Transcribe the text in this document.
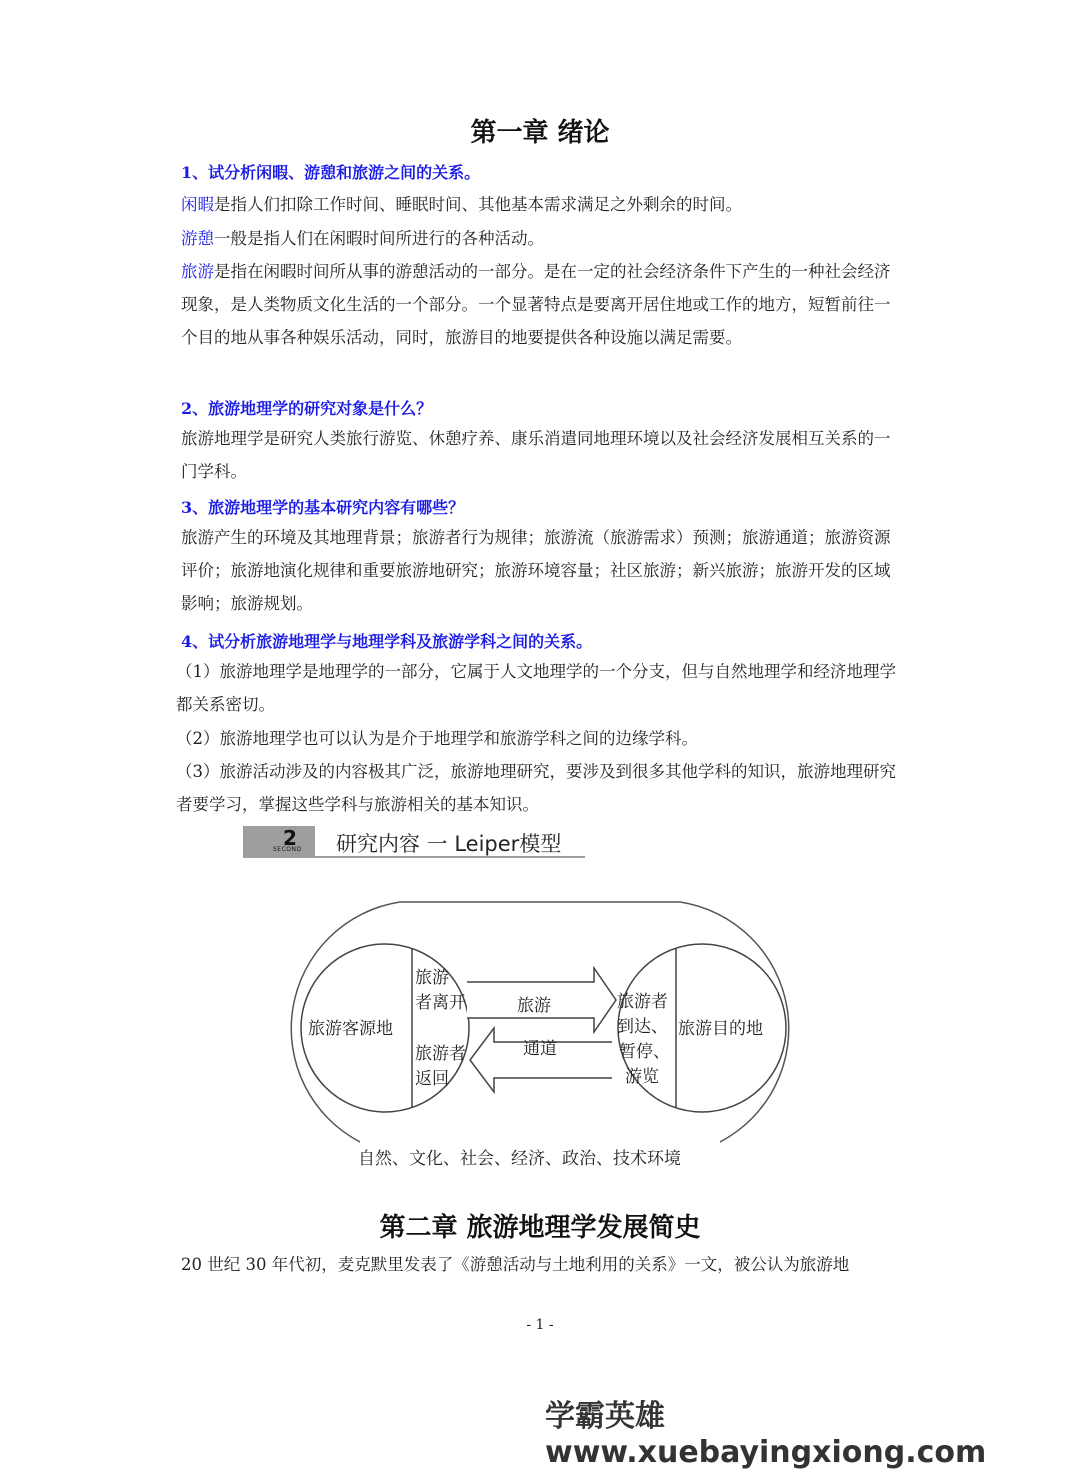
第一章 绪论
1、试分析闲暇、游憩和旅游之间的关系。
闲暇是指人们扣除工作时间、睡眠时间、其他基本需求满足之外剩余的时间。
游憩一般是指人们在闲暇时间所进行的各种活动。
旅游是指在闲暇时间所从事的游憩活动的一部分。是在一定的社会经济条件下产生的一种社会经济现象，是人类物质文化生活的一个部分。一个显著特点是要离开居住地或工作的地方，短暂前往一个目的地从事各种娱乐活动，同时，旅游目的地要提供各种设施以满足需要。
2、旅游地理学的研究对象是什么？
旅游地理学是研究人类旅行游览、休憩疗养、康乐消遣同地理环境以及社会经济发展相互关系的一门学科。
3、旅游地理学的基本研究内容有哪些？
旅游产生的环境及其地理背景；旅游者行为规律；旅游流（旅游需求）预测；旅游通道；旅游资源评价；旅游地演化规律和重要旅游地研究；旅游环境容量；社区旅游；新兴旅游；旅游开发的区域影响；旅游规划。
4、试分析旅游地理学与地理学科及旅游学科之间的关系。
（1）旅游地理学是地理学的一部分，它属于人文地理学的一个分支，但与自然地理学和经济地理学都关系密切。
（2）旅游地理学也可以认为是介于地理学和旅游学科之间的边缘学科。
（3）旅游活动涉及的内容极其广泛，旅游地理研究，要涉及到很多其他学科的知识，旅游地理研究者要学习，掌握这些学科与旅游相关的基本知识。
2
SECOND 研究内容 一 Leiper模型
旅游客源地
旅游
者离开
旅游者
返回
旅游
通道
旅游者
到达、
暂停、
游览
旅游目的地
自然、文化、社会、经济、政治、技术环境
第二章 旅游地理学发展简史
20 世纪 30 年代初，麦克默里发表了《游憩活动与土地利用的关系》一文，被公认为旅游地
- 1 -
学霸英雄 www.xuebayingxiong.com
